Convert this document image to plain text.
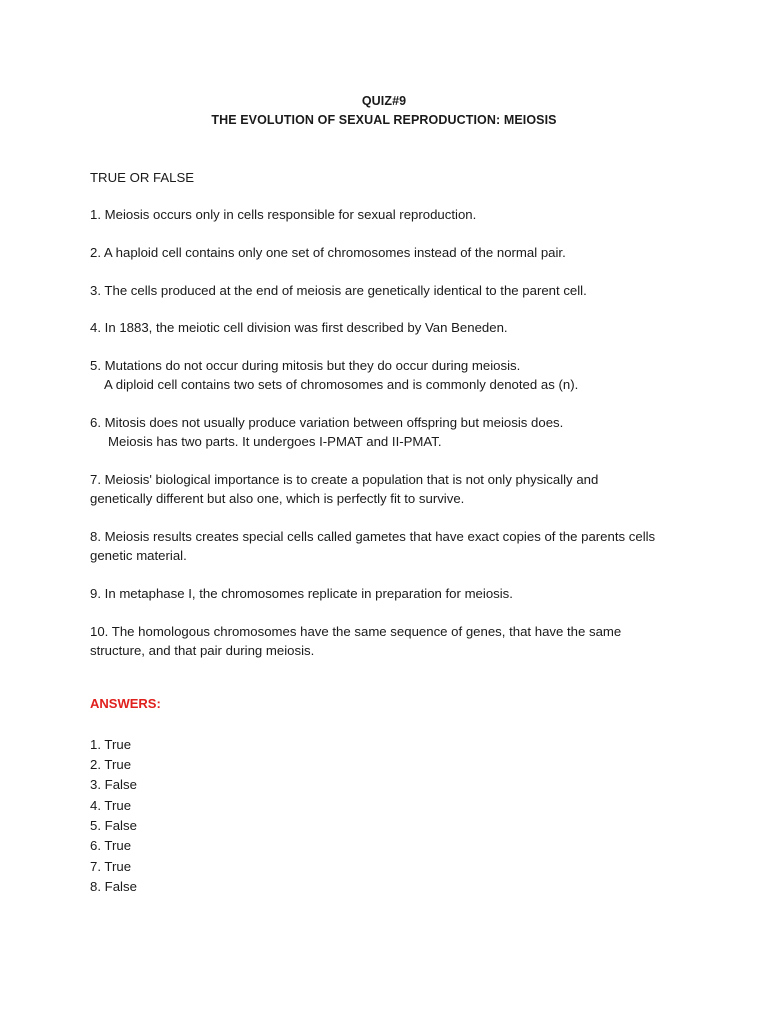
QUIZ#9
THE EVOLUTION OF SEXUAL REPRODUCTION: MEIOSIS
TRUE OR FALSE
1. Meiosis occurs only in cells responsible for sexual reproduction.
2. A haploid cell contains only one set of chromosomes instead of the normal pair.
3. The cells produced at the end of meiosis are genetically identical to the parent cell.
4. In 1883, the meiotic cell division was first described by Van Beneden.
5. Mutations do not occur during mitosis but they do occur during meiosis.
A diploid cell contains two sets of chromosomes and is commonly denoted as (n).
6. Mitosis does not usually produce variation between offspring but meiosis does.
Meiosis has two parts. It undergoes I-PMAT and II-PMAT.
7. Meiosis' biological importance is to create a population that is not only physically and
genetically different but also one, which is perfectly fit to survive.
8. Meiosis results creates special cells called gametes that have exact copies of the parents cells
genetic material.
9. In metaphase I, the chromosomes replicate in preparation for meiosis.
10. The homologous chromosomes have the same sequence of genes, that have the same
structure, and that pair during meiosis.
ANSWERS:
1. True
2. True
3. False
4. True
5. False
6. True
7. True
8. False
